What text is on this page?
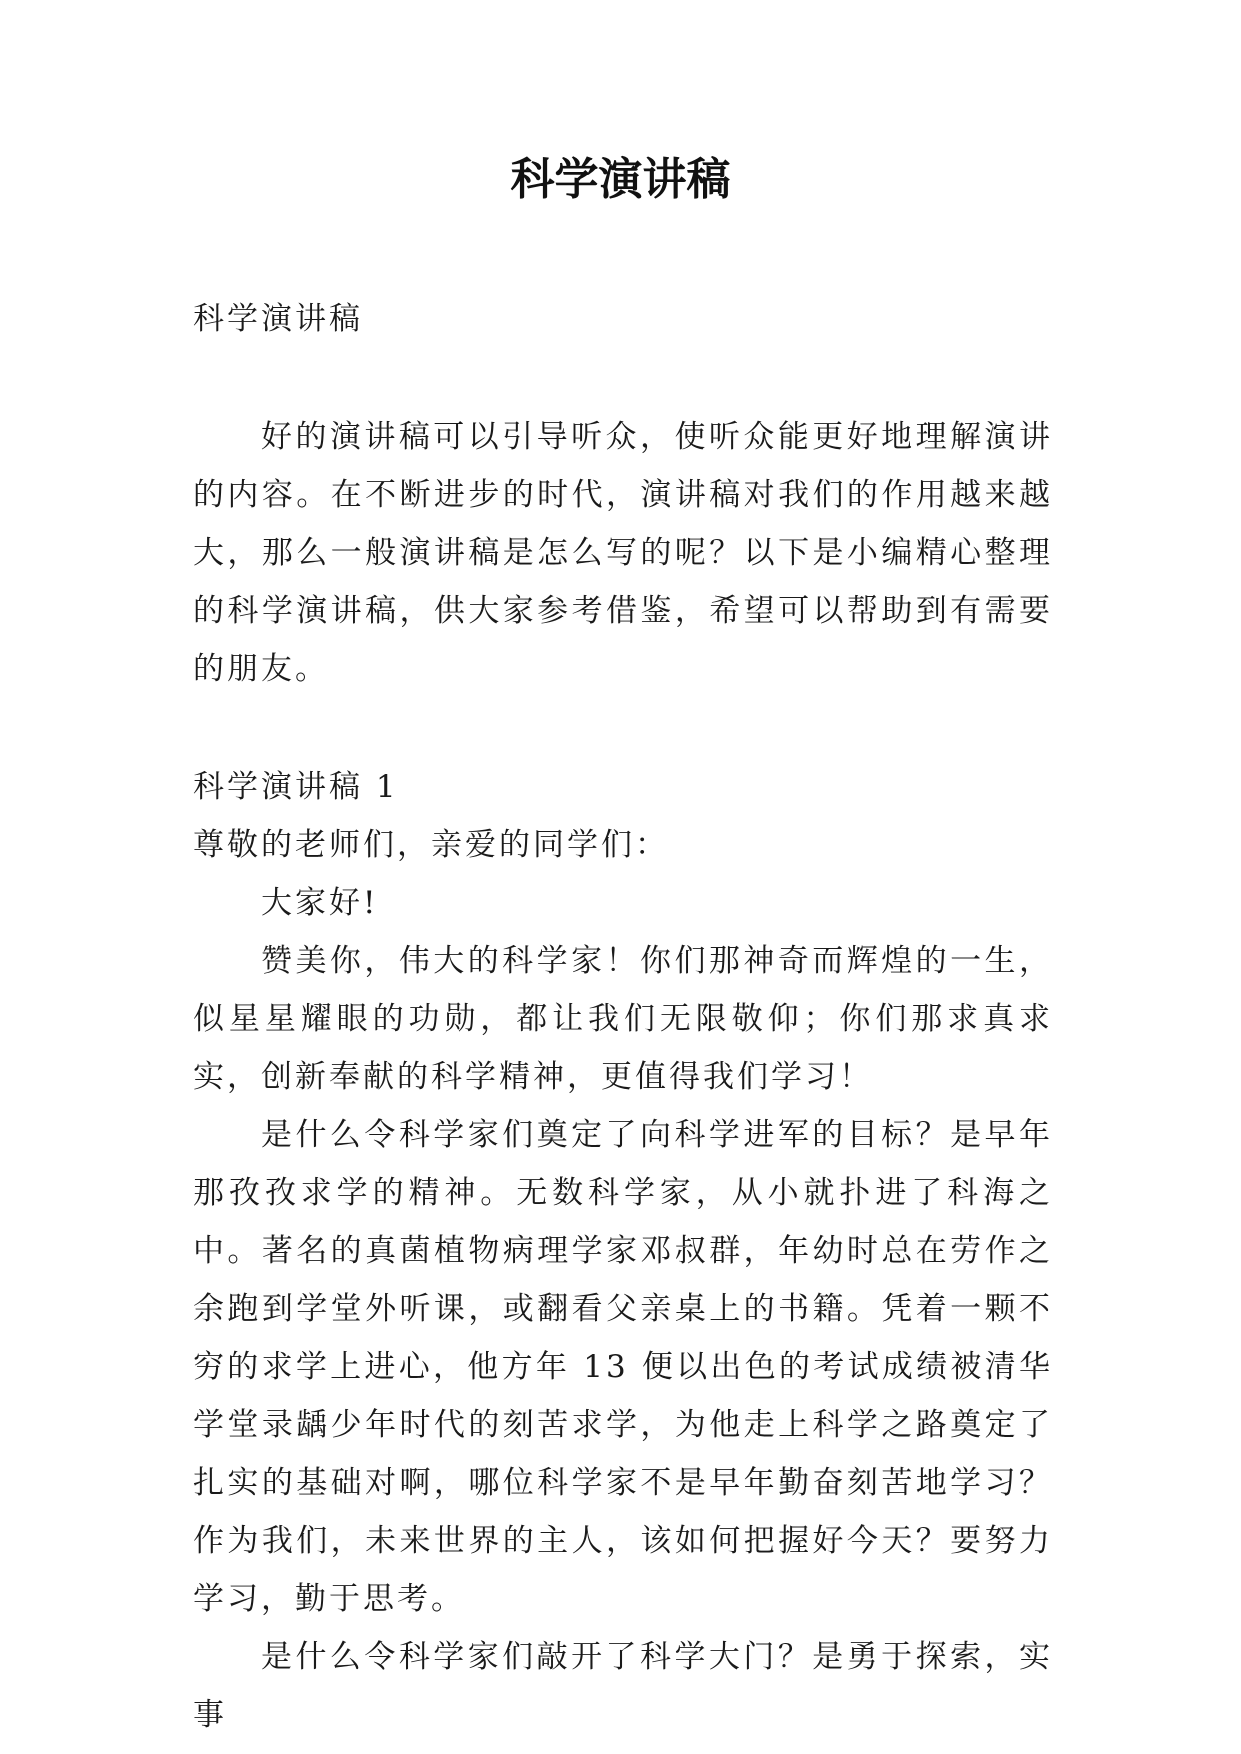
科学演讲稿

科学演讲稿

好的演讲稿可以引导听众，使听众能更好地理解演讲的内容。在不断进步的时代，演讲稿对我们的作用越来越大，那么一般演讲稿是怎么写的呢？以下是小编精心整理的科学演讲稿，供大家参考借鉴，希望可以帮助到有需要的朋友。

科学演讲稿 1

尊敬的老师们，亲爱的同学们：

大家好!

赞美你，伟大的科学家！你们那神奇而辉煌的一生，似星星耀眼的功勋，都让我们无限敬仰；你们那求真求实，创新奉献的科学精神，更值得我们学习！

是什么令科学家们奠定了向科学进军的目标？是早年那孜孜求学的精神。无数科学家，从小就扑进了科海之中。著名的真菌植物病理学家邓叔群，年幼时总在劳作之余跑到学堂外听课，或翻看父亲桌上的书籍。凭着一颗不穷的求学上进心，他方年 13 便以出色的考试成绩被清华学堂录龋少年时代的刻苦求学，为他走上科学之路奠定了扎实的基础对啊，哪位科学家不是早年勤奋刻苦地学习？作为我们，未来世界的主人，该如何把握好今天？要努力学习，勤于思考。

是什么令科学家们敲开了科学大门？是勇于探索，实事
